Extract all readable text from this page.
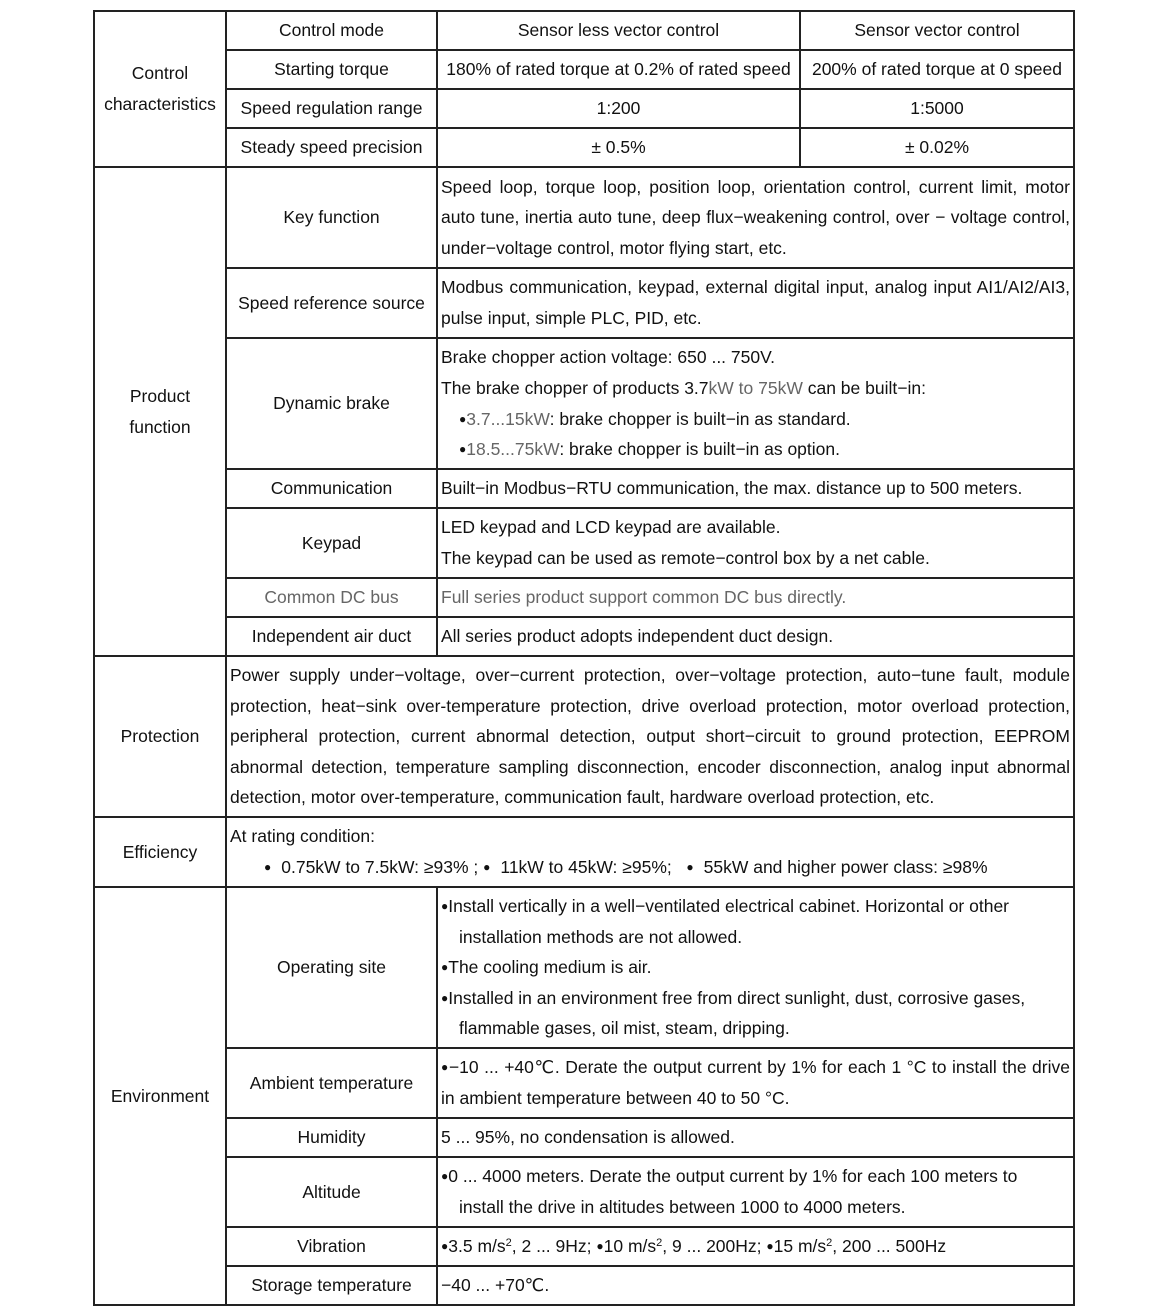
Control
characteristics	Control mode	Sensor less vector control	Sensor vector control
	Starting torque	180% of rated torque at 0.2% of rated speed	200% of rated torque at 0 speed
	Speed regulation range	1:200	1:5000
	Steady speed precision	± 0.5%	± 0.02%

Product
function	Key function	Speed loop, torque loop, position loop, orientation control, current limit, motor auto tune, inertia auto tune, deep flux−weakening control, over − voltage control, under−voltage control, motor flying start, etc.	
	Speed reference source	Modbus communication, keypad, external digital input, analog input AI1/AI2/AI3, pulse input, simple PLC, PID, etc.	
	Dynamic brake	Brake chopper action voltage: 650 ... 750V.
The brake chopper of products 3.7kW to 75kW can be built−in:
● 3.7...15kW: brake chopper is built−in as standard.
● 18.5...75kW: brake chopper is built−in as option.

	Communication	Built−in Modbus−RTU communication, the max. distance up to 500 meters.	
	Keypad	LED keypad and LCD keypad are available.
The keypad can be used as remote−control box by a net cable.	

	Common DC bus	Full series product support common DC bus directly.	
	Independent air duct	All series product adopts independent duct design.	
Protection	Power supply under−voltage, over−current protection, over−voltage protection, auto−tune fault, module protection, heat−sink over-temperature protection, drive overload protection, motor overload protection, peripheral protection, current abnormal detection, output short−circuit to ground protection, EEPROM abnormal detection, temperature sampling disconnection, encoder disconnection, analog input abnormal detection, motor over-temperature, communication fault, hardware overload protection, etc.		
Efficiency	At rating condition:
● 0.75kW to 7.5kW: ≥93% ; ● 11kW to 45kW: ≥95%; ● 55kW and higher power class: ≥98%

Environment	Operating site	
● Install vertically in a well−ventilated electrical cabinet. Horizontal or other
installation methods are not allowed.
● The cooling medium is air.
● Installed in an environment free from direct sunlight, dust, corrosive gases,
flammable gases, oil mist, steam, dripping.

	Ambient temperature	● −10 ... +40℃. Derate the output current by 1% for each 1 °C to install the drive in ambient temperature between 40 to 50 °C.
	Humidity	5 ... 95%, no condensation is allowed.	
	Altitude	
● 0 ... 4000 meters. Derate the output current by 1% for each 100 meters to
install the drive in altitudes between 1000 to 4000 meters.

	Vibration	●3.5 $m/s^2$, 2 ... 9Hz; ● 10 $m/s^2$, 9 ... 200Hz; ● 15 $m/s^2$, 200 ... 500Hz
	Storage temperature	−40 ... +70℃.	
